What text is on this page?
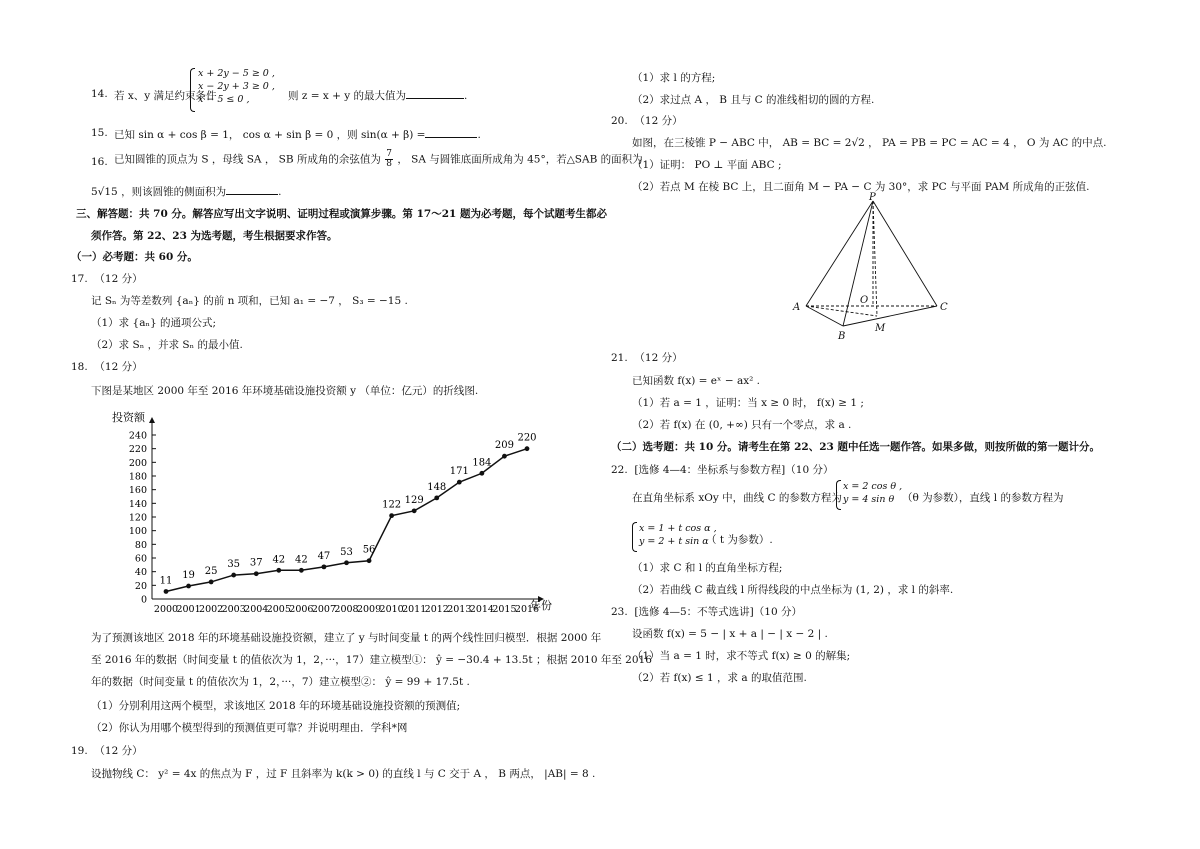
14. 若 x、y 满足约束条件
x + 2y − 5 ≥ 0 ,
x − 2y + 3 ≥ 0 ,
x − 5 ≤ 0 ,	则 z = x + y 的最大值为	.
15. 已知 sin α + cos β = 1， cos α + sin β = 0 ，则 sin(α + β) =	.
16. 已知圆锥的顶点为 S ，母线 SA ， SB 所成角的余弦值为 $\frac{7}{8}$ ， SA 与圆锥底面所成角为 45°，若△SAB 的面积为
5√15 ，则该圆锥的侧面积为	.
三、解答题：共 70 分。解答应写出文字说明、证明过程或演算步骤。第 17～21 题为必考题，每个试题考生都必
须作答。第 22、23 为选考题，考生根据要求作答。
（一）必考题：共 60 分。
17. （12 分）
记 Sₙ 为等差数列 {aₙ} 的前 n 项和，已知 a₁ = −7 ， S₃ = −15 .
（1）求 {aₙ} 的通项公式;
（2）求 Sₙ ，并求 Sₙ 的最小值.
18. （12 分）
下图是某地区 2000 年至 2016 年环境基础设施投资额 y （单位：亿元）的折线图.
0
20
40
60
80
100
120
140
160
180
200
220
240
2000
2001
2002
2003
2004
2005
2006
2007
2008
2009
2010
2011
2012
2013
2014
2015
2016
11 19 25
35 37 42 42 47 53 56
122 129
148
171
184
209
220
投资额
年份
为了预测该地区 2018 年的环境基础设施投资额，建立了 y 与时间变量 t 的两个线性回归模型．根据 2000 年
至 2016 年的数据（时间变量 t 的值依次为 1，2，···，17）建立模型①： ŷ = −30.4 + 13.5t ；根据 2010 年至 2016
年的数据（时间变量 t 的值依次为 1，2，···，7）建立模型②： ŷ = 99 + 17.5t .
（1）分别利用这两个模型，求该地区 2018 年的环境基础设施投资额的预测值;
（2）你认为用哪个模型得到的预测值更可靠？并说明理由．学科*网
19. （12 分）
设抛物线 C： y² = 4x 的焦点为 F ，过 F 且斜率为 k(k > 0) 的直线 l 与 C 交于 A ， B 两点， |AB| = 8 .
（1）求 l 的方程;
（2）求过点 A ， B 且与 C 的准线相切的圆的方程.
20. （12 分）
如图，在三棱锥 P − ABC 中， AB = BC = 2√2 ， PA = PB = PC = AC = 4 ， O 为 AC 的中点.
（1）证明： PO ⊥ 平面 ABC ;
（2）若点 M 在棱 BC 上，且二面角 M − PA − C 为 30°，求 PC 与平面 PAM 所成角的正弦值.
P
A
B
C
O
M
21. （12 分）
已知函数 f(x) = eˣ − ax² .
（1）若 a = 1 ，证明：当 x ≥ 0 时， f(x) ≥ 1 ;
（2）若 f(x) 在 (0, +∞) 只有一个零点，求 a .
（二）选考题：共 10 分。请考生在第 22、23 题中任选一题作答。如果多做，则按所做的第一题计分。
22. [选修 4—4：坐标系与参数方程]（10 分）
在直角坐标系 xOy 中，曲线 C 的参数方程为
x = 2 cos θ ,
y = 4 sin θ （θ 为参数），直线 l 的参数方程为
x = 1 + t cos α ,
y = 2 + t sin α
（ t 为参数）.
（1）求 C 和 l 的直角坐标方程;
（2）若曲线 C 截直线 l 所得线段的中点坐标为 (1, 2) ，求 l 的斜率.
23. [选修 4—5：不等式选讲]（10 分）
设函数 f(x) = 5 − | x + a | − | x − 2 | .
（1）当 a = 1 时，求不等式 f(x) ≥ 0 的解集;
（2）若 f(x) ≤ 1 ，求 a 的取值范围.
